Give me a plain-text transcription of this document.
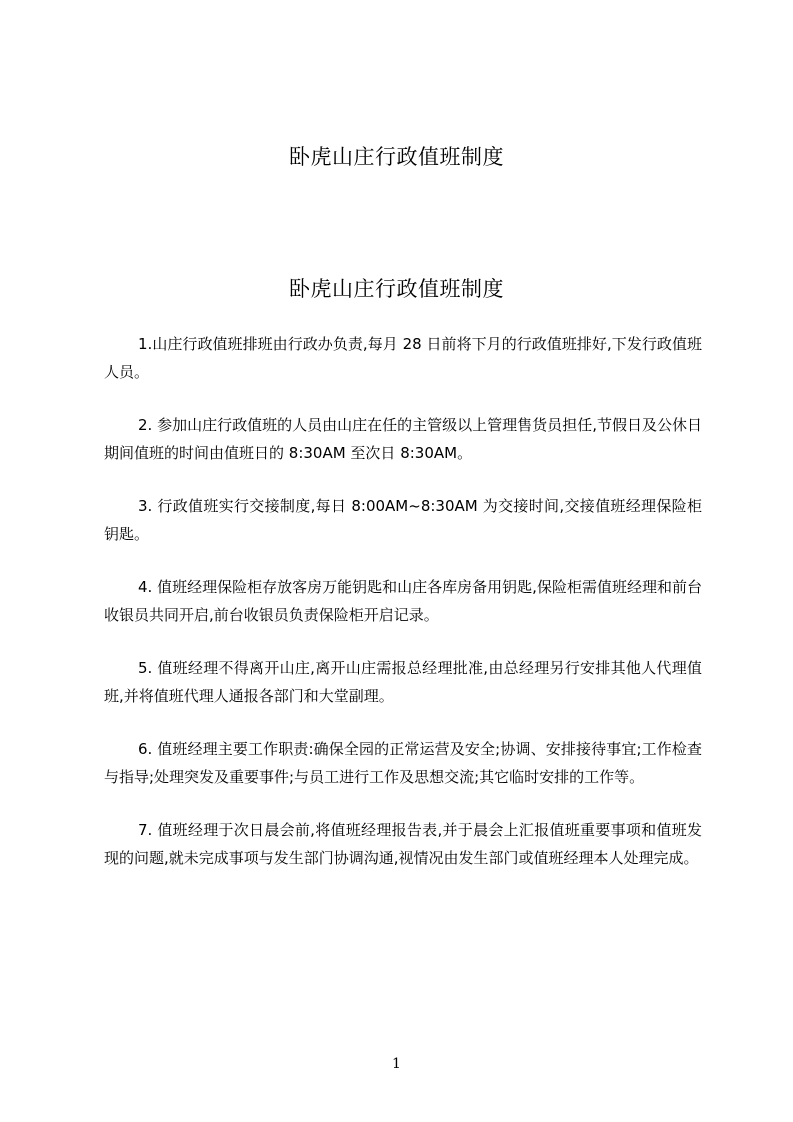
卧虎山庄行政值班制度
卧虎山庄行政值班制度
1.山庄行政值班排班由行政办负责,每月 28 日前将下月的行政值班排好,下发行政值班人员。
2. 参加山庄行政值班的人员由山庄在任的主管级以上管理售货员担任,节假日及公休日期间值班的时间由值班日的 8:30AM 至次日 8:30AM。
3. 行政值班实行交接制度,每日 8:00AM~8:30AM 为交接时间,交接值班经理保险柜钥匙。
4. 值班经理保险柜存放客房万能钥匙和山庄各库房备用钥匙,保险柜需值班经理和前台收银员共同开启,前台收银员负责保险柜开启记录。
5. 值班经理不得离开山庄,离开山庄需报总经理批准,由总经理另行安排其他人代理值班,并将值班代理人通报各部门和大堂副理。
6. 值班经理主要工作职责:确保全园的正常运营及安全;协调、安排接待事宜;工作检查与指导;处理突发及重要事件;与员工进行工作及思想交流;其它临时安排的工作等。
7. 值班经理于次日晨会前,将值班经理报告表,并于晨会上汇报值班重要事项和值班发现的问题,就未完成事项与发生部门协调沟通,视情况由发生部门或值班经理本人处理完成。
1
